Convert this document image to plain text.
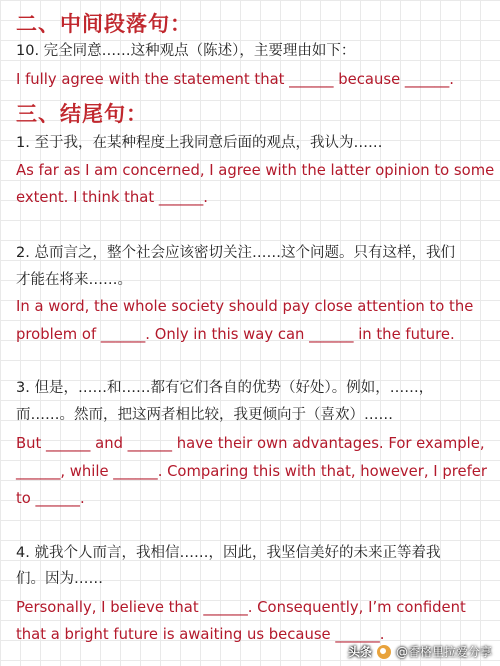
二、中间段落句：
10. 完全同意……这种观点（陈述），主要理由如下：
I fully agree with the statement that ______ because ______.
三、结尾句：
1. 至于我，在某种程度上我同意后面的观点，我认为……
As far as I am concerned, I agree with the latter opinion to some
extent. I think that ______.
2. 总而言之，整个社会应该密切关注……这个问题。只有这样，我们
才能在将来……。
In a word, the whole society should pay close attention to the
problem of ______. Only in this way can ______ in the future.
3. 但是，……和……都有它们各自的优势（好处）。例如，……，
而……。然而，把这两者相比较，我更倾向于（喜欢）……
But ______ and ______ have their own advantages. For example,
______, while ______. Comparing this with that, however, I prefer
to ______.
4. 就我个人而言，我相信……，因此，我坚信美好的未来正等着我
们。因为……
Personally, I believe that ______. Consequently, I’m confident
that a bright future is awaiting us because ______.
头条 @香格里拉爱分享
